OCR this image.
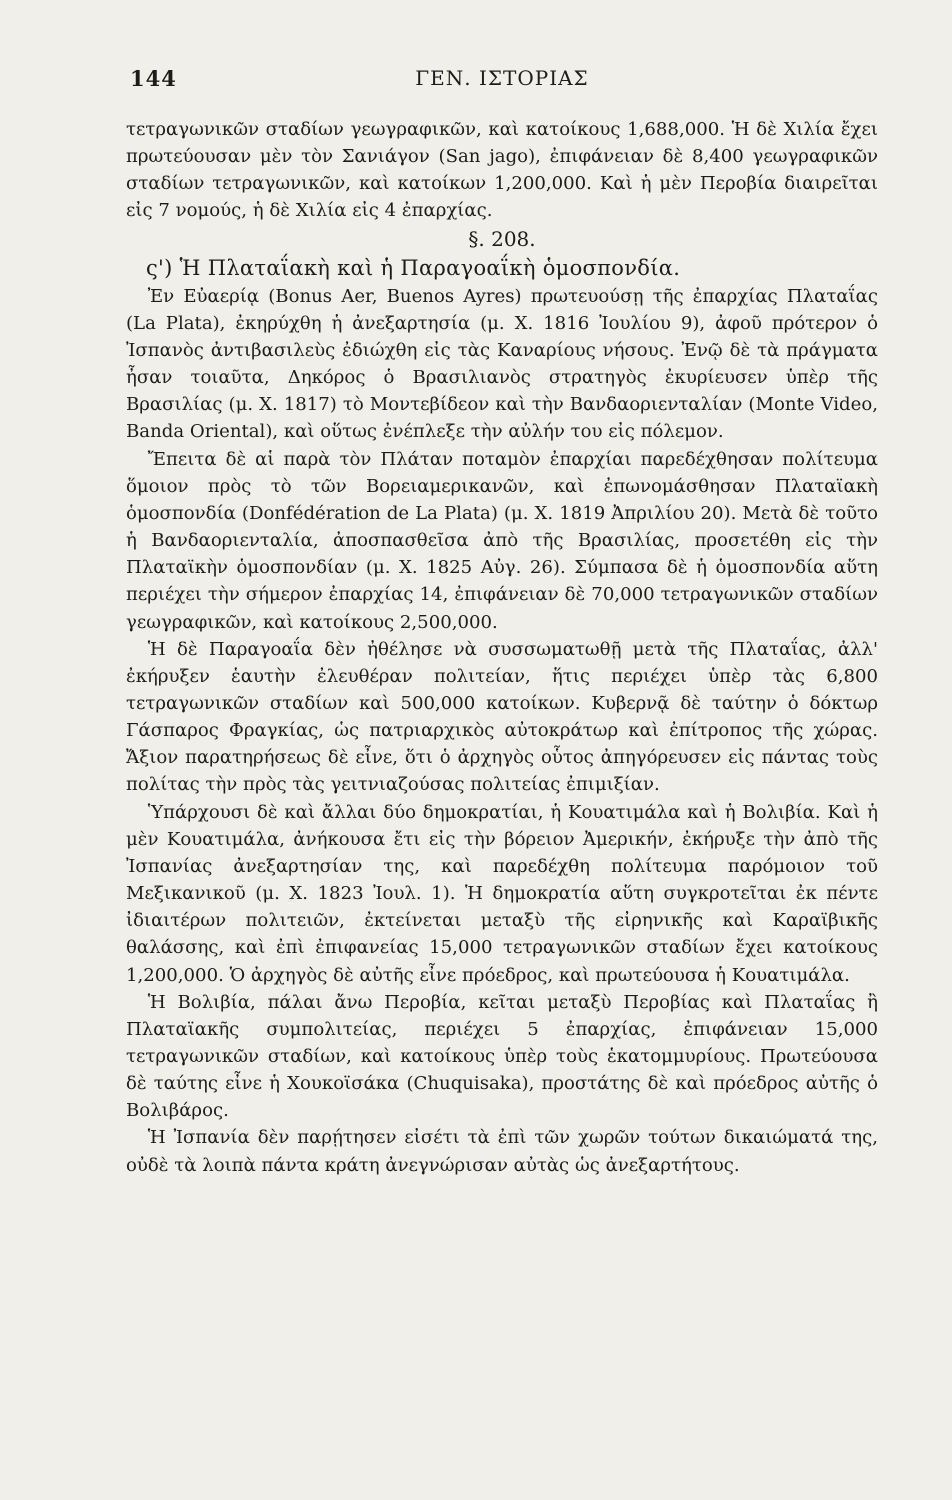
144	ΓΕΝ. ΙΣΤΟΡΙΑΣ

τετραγωνικῶν σταδίων γεωγραφικῶν, καὶ κατοίκους 1,688,000. Ἡ δὲ Χιλία ἔχει πρωτεύουσαν μὲν τὸν Σανιάγον (San jago), ἐπιφάνειαν δὲ 8,400 γεωγραφικῶν σταδίων τετραγωνικῶν, καὶ κατοίκων 1,200,000. Καὶ ἡ μὲν Περοβία διαιρεῖται εἰς 7 νομούς, ἡ δὲ Χιλία εἰς 4 ἐπαρχίας.

§. 208.

ς') Ἡ Πλαταΐακὴ καὶ ἡ Παραγοαΐκὴ ὁμοσπονδία.

Ἐν Εὐαερίᾳ (Bonus Aer, Buenos Ayres) πρωτευούσῃ τῆς ἐπαρχίας Πλαταΐας (La Plata), ἐκηρύχθη ἡ ἀνεξαρτησία (μ. Χ. 1816 Ἰουλίου 9), ἀφοῦ πρότερον ὁ Ἰσπανὸς ἀντιβασιλεὺς ἐδιώχθη εἰς τὰς Καναρίους νήσους. Ἐνῷ δὲ τὰ πράγματα ἦσαν τοιαῦτα, Δηκόρος ὁ Βρασιλιανὸς στρατηγὸς ἐκυρίευσεν ὑπὲρ τῆς Βρασιλίας (μ. Χ. 1817) τὸ Μοντεβίδεον καὶ τὴν Βανδαοριενταλίαν (Monte Video, Banda Oriental), καὶ οὕτως ἐνέπλεξε τὴν αὐλήν του εἰς πόλεμον.

Ἔπειτα δὲ αἱ παρὰ τὸν Πλάταν ποταμὸν ἐπαρχίαι παρεδέχθησαν πολίτευμα ὅμοιον πρὸς τὸ τῶν Βορειαμερικανῶν, καὶ ἐπωνομάσθησαν Πλαταϊακὴ ὁμοσπονδία (Donfédération de La Plata) (μ. Χ. 1819 Ἀπριλίου 20). Μετὰ δὲ τοῦτο ἡ Βανδαοριενταλία, ἀποσπασθεῖσα ἀπὸ τῆς Βρασιλίας, προσετέθη εἰς τὴν Πλαταϊκὴν ὁμοσπονδίαν (μ. Χ. 1825 Αὐγ. 26). Σύμπασα δὲ ἡ ὁμοσπονδία αὕτη περιέχει τὴν σήμερον ἐπαρχίας 14, ἐπιφάνειαν δὲ 70,000 τετραγωνικῶν σταδίων γεωγραφικῶν, καὶ κατοίκους 2,500,000.

Ἡ δὲ Παραγοαΐα δὲν ἠθέλησε νὰ συσσωματωθῇ μετὰ τῆς Πλαταΐας, ἀλλ' ἐκήρυξεν ἑαυτὴν ἐλευθέραν πολιτείαν, ἥτις περιέχει ὑπὲρ τὰς 6,800 τετραγωνικῶν σταδίων καὶ 500,000 κατοίκων. Κυβερνᾷ δὲ ταύτην ὁ δόκτωρ Γάσπαρος Φραγκίας, ὡς πατριαρχικὸς αὐτοκράτωρ καὶ ἐπίτροπος τῆς χώρας. Ἄξιον παρατηρήσεως δὲ εἶνε, ὅτι ὁ ἀρχηγὸς οὗτος ἀπηγόρευσεν εἰς πάντας τοὺς πολίτας τὴν πρὸς τὰς γειτνιαζούσας πολιτείας ἐπιμιξίαν.

Ὑπάρχουσι δὲ καὶ ἄλλαι δύο δημοκρατίαι, ἡ Κουατιμάλα καὶ ἡ Βολιβία. Καὶ ἡ μὲν Κουατιμάλα, ἀνήκουσα ἔτι εἰς τὴν βόρειον Ἀμερικήν, ἐκήρυξε τὴν ἀπὸ τῆς Ἰσπανίας ἀνεξαρτησίαν της, καὶ παρεδέχθη πολίτευμα παρόμοιον τοῦ Μεξικανικοῦ (μ. Χ. 1823 Ἰουλ. 1). Ἡ δημοκρατία αὕτη συγκροτεῖται ἐκ πέντε ἰδιαιτέρων πολιτειῶν, ἐκτείνεται μεταξὺ τῆς εἰρηνικῆς καὶ Καραϊβικῆς θαλάσσης, καὶ ἐπὶ ἐπιφανείας 15,000 τετραγωνικῶν σταδίων ἔχει κατοίκους 1,200,000. Ὁ ἀρχηγὸς δὲ αὐτῆς εἶνε πρόεδρος, καὶ πρωτεύουσα ἡ Κουατιμάλα.

Ἡ Βολιβία, πάλαι ἄνω Περοβία, κεῖται μεταξὺ Περοβίας καὶ Πλαταΐας ἢ Πλαταϊακῆς συμπολιτείας, περιέχει 5 ἐπαρχίας, ἐπιφάνειαν 15,000 τετραγωνικῶν σταδίων, καὶ κατοίκους ὑπὲρ τοὺς ἑκατομμυρίους. Πρωτεύουσα δὲ ταύτης εἶνε ἡ Χουκοϊσάκα (Chuquisaka), προστάτης δὲ καὶ πρόεδρος αὐτῆς ὁ Βολιβάρος.

Ἡ Ἰσπανία δὲν παρῄτησεν εἰσέτι τὰ ἐπὶ τῶν χωρῶν τούτων δικαιώματά της, οὐδὲ τὰ λοιπὰ πάντα κράτη ἀνεγνώρισαν αὐτὰς ὡς ἀνεξαρτήτους.
